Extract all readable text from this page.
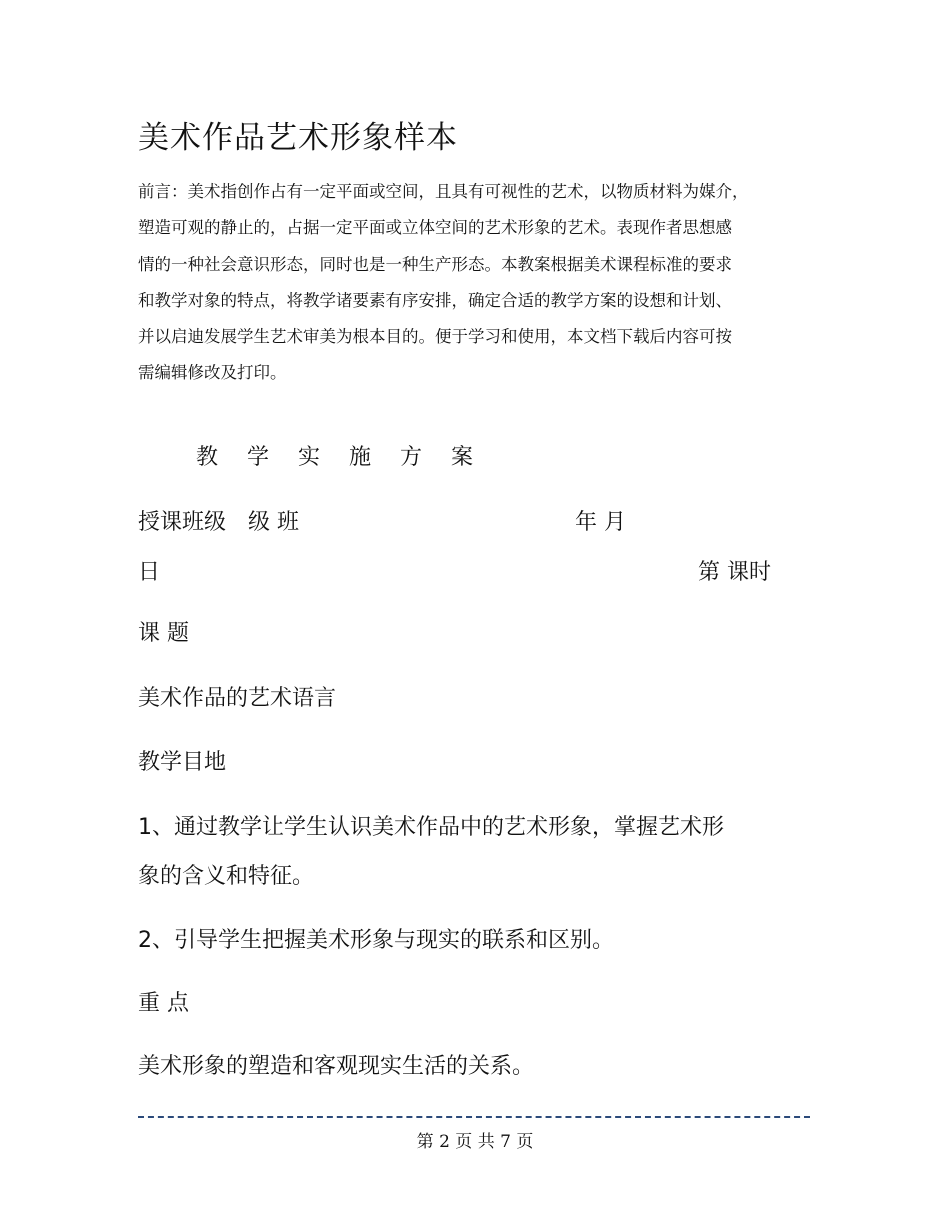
美术作品艺术形象样本

前言：美术指创作占有一定平面或空间，且具有可视性的艺术，以物质材料为媒介，
塑造可观的静止的，占据一定平面或立体空间的艺术形象的艺术。表现作者思想感
情的一种社会意识形态，同时也是一种生产形态。本教案根据美术课程标准的要求
和教学对象的特点，将教学诸要素有序安排，确定合适的教学方案的设想和计划、
并以启迪发展学生艺术审美为根本目的。便于学习和使用，本文档下载后内容可按
需编辑修改及打印。

教 学 实 施 方 案
授课班级　级 班	年 月
日	第 课时
课 题
美术作品的艺术语言
教学目地
1、通过教学让学生认识美术作品中的艺术形象，掌握艺术形
象的含义和特征。
2、引导学生把握美术形象与现实的联系和区别。
重 点
美术形象的塑造和客观现实生活的关系。
第 2 页 共 7 页
